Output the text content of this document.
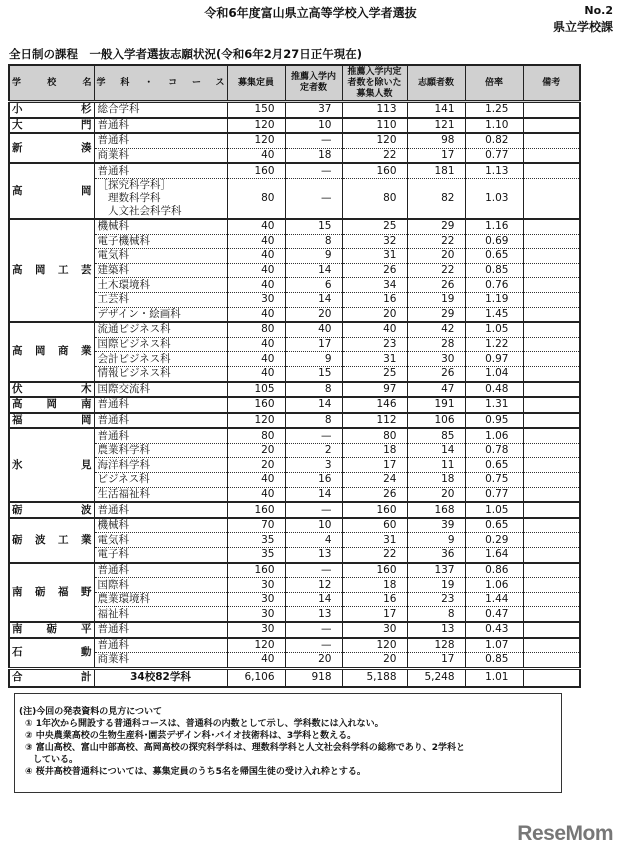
令和6年度富山県立高等学校入学者選抜	No.2
県立学校課
全日制の課程　一般入学者選抜志願状況(令和6年2月27日正午現在)
学校名	学科・コース	募集定員	推薦入学内定者数	推薦入学内定者数を除いた募集人数	志願者数	倍率	備考
小杉	総合学科	150	37	113	141	1.25	
大門	普通科	120	10	110	121	1.10	
新湊	普通科	120	—	120	98	0.82	
	商業科	40	18	22	17	0.77	
高岡	普通科	160	—	160	181	1.13	
	［探究科学科］
　理数科学科
　人文社会科学科	80	—	80	82	1.03	
高岡工芸	機械科	40	15	25	29	1.16	
	電子機械科	40	8	32	22	0.69	
	電気科	40	9	31	20	0.65	
	建築科	40	14	26	22	0.85	
	土木環境科	40	6	34	26	0.76	
	工芸科	30	14	16	19	1.19	
	デザイン・絵画科	40	20	20	29	1.45	
高岡商業	流通ビジネス科	80	40	40	42	1.05	
	国際ビジネス科	40	17	23	28	1.22	
	会計ビジネス科	40	9	31	30	0.97	
	情報ビジネス科	40	15	25	26	1.04	
伏木	国際交流科	105	8	97	47	0.48	
高岡南	普通科	160	14	146	191	1.31	
福岡	普通科	120	8	112	106	0.95	
氷見	普通科	80	—	80	85	1.06	
	農業科学科	20	2	18	14	0.78	
	海洋科学科	20	3	17	11	0.65	
	ビジネス科	40	16	24	18	0.75	
	生活福祉科	40	14	26	20	0.77	
砺波	普通科	160	—	160	168	1.05	
砺波工業	機械科	70	10	60	39	0.65	
	電気科	35	4	31	9	0.29	
	電子科	35	13	22	36	1.64	
南砺福野	普通科	160	—	160	137	0.86	
	国際科	30	12	18	19	1.06	
	農業環境科	30	14	16	23	1.44	
	福祉科	30	13	17	8	0.47	
南砺平	普通科	30	—	30	13	0.43	
石動	普通科	120	—	120	128	1.07	
	商業科	40	20	20	17	0.85	
合計	34校82学科	6,106	918	5,188	5,248	1.01	
(注)今回の発表資料の見方について
① 1年次から開設する普通科コースは、普通科の内数として示し、学科数には入れない。
② 中央農業高校の生物生産科･園芸デザイン科･バイオ技術科は、3学科と数える。
③ 富山高校、富山中部高校、高岡高校の探究科学科は、理数科学科と人文社会科学科の総称であり、2学科と
している。
④ 桜井高校普通科については、募集定員のうち5名を帰国生徒の受け入れ枠とする。
ReseMom
